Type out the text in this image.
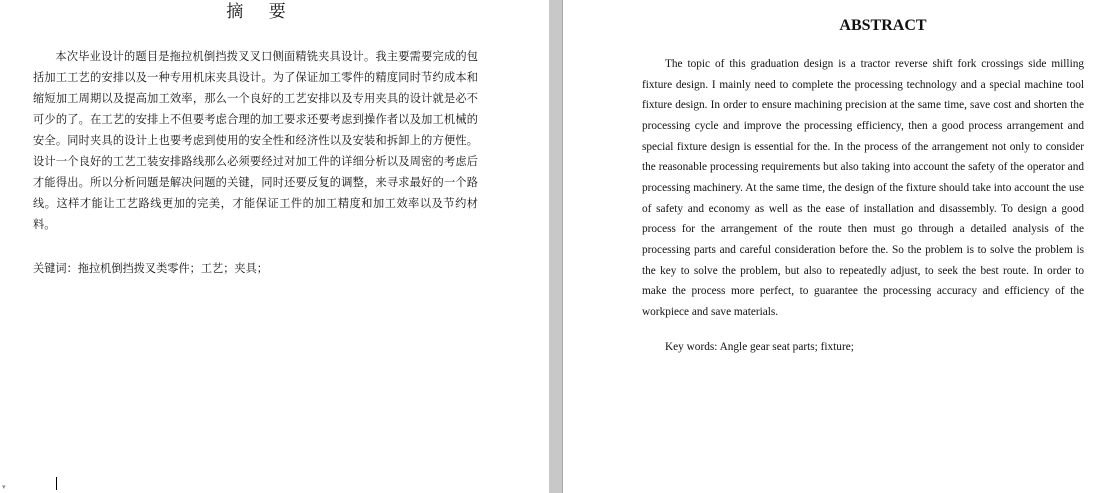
摘 要

本次毕业设计的题目是拖拉机倒挡拨叉叉口侧面精铣夹具设计。我主要需要完成的包括加工工艺的安排以及一种专用机床夹具设计。为了保证加工零件的精度同时节约成本和缩短加工周期以及提高加工效率，那么一个良好的工艺安排以及专用夹具的设计就是必不可少的了。在工艺的安排上不但要考虑合理的加工要求还要考虑到操作者以及加工机械的安全。同时夹具的设计上也要考虑到使用的安全性和经济性以及安装和拆卸上的方便性。设计一个良好的工艺工装安排路线那么必须要经过对加工件的详细分析以及周密的考虑后才能得出。所以分析问题是解决问题的关键，同时还要反复的调整，来寻求最好的一个路线。这样才能让工艺路线更加的完美，才能保证工件的加工精度和加工效率以及节约材料。

关键词：拖拉机倒挡拨叉类零件；工艺；夹具；
▾
ABSTRACT

The topic of this graduation design is a tractor reverse shift fork crossings side milling fixture design. I mainly need to complete the processing technology and a special machine tool fixture design. In order to ensure machining precision at the same time, save cost and shorten the processing cycle and improve the processing efficiency, then a good process arrangement and special fixture design is essential for the. In the process of the arrangement not only to consider the reasonable processing requirements but also taking into account the safety of the operator and processing machinery. At the same time, the design of the fixture should take into account the use of safety and economy as well as the ease of installation and disassembly. To design a good process for the arrangement of the route then must go through a detailed analysis of the processing parts and careful consideration before the. So the problem is to solve the problem is the key to solve the problem, but also to repeatedly adjust, to seek the best route. In order to make the process more perfect, to guarantee the processing accuracy and efficiency of the workpiece and save materials.

Key words: Angle gear seat parts; fixture;
